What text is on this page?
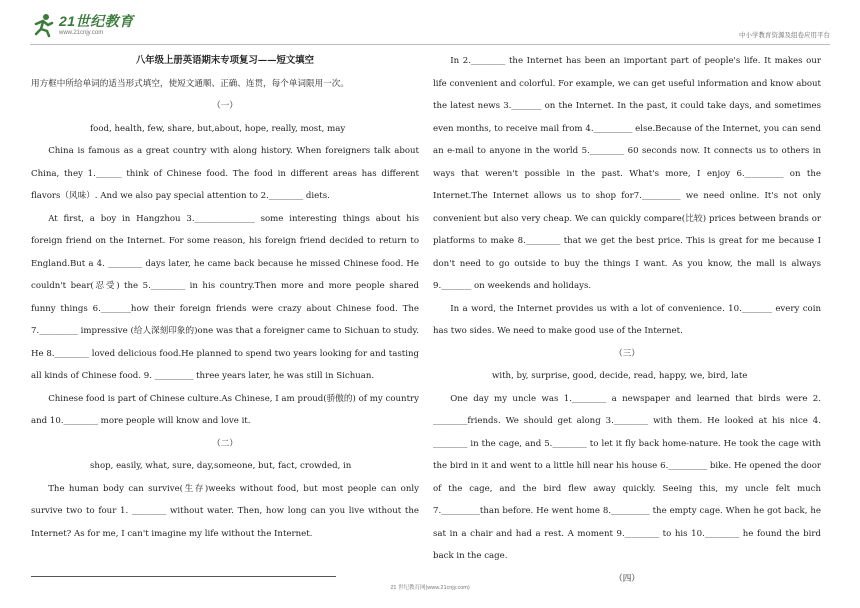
21世纪教育
www.21cnjy.com	中小学教育资源及组卷应用平台

八年级上册英语期末专项复习——短文填空

用方框中所给单词的适当形式填空，使短文通顺、正确、连贯，每个单词限用一次。

（一）

food, health, few, share, but,about, hope, really, most, may

China is famous as a great country with along history. When foreigners talk about China, they 1.______ think of Chinese food. The food in different areas has different flavors（风味）. And we also pay special attention to 2.________ diets.

At first, a boy in Hangzhou 3.______________ some interesting things about his foreign friend on the Internet. For some reason, his foreign friend decided to return to England.But a 4. ________ days later, he came back because he missed Chinese food. He couldn't bear(忍受) the 5.________ in his country.Then more and more people shared funny things 6._______how their foreign friends were crazy about Chinese food. The 7._________ impressive (给人深刻印象的)one was that a foreigner came to Sichuan to study. He 8.________ loved delicious food.He planned to spend two years looking for and tasting all kinds of Chinese food. 9. _________ three years later, he was still in Sichuan.

Chinese food is part of Chinese culture.As Chinese, I am proud(骄傲的) of my country and 10.________ more people will know and love it.

（二）

shop, easily, what, sure, day,someone, but, fact, crowded, in

The human body can survive(生存)weeks without food, but most people can only survive two to four 1. ________ without water. Then, how long can you live without the Internet? As for me, I can't imagine my life without the Internet.

In 2.________ the Internet has been an important part of people's life. It makes our life convenient and colorful. For example, we can get useful information and know about the latest news 3._______ on the Internet. In the past, it could take days, and sometimes even months, to receive mail from 4._________ else.Because of the Internet, you can send an e-mail to anyone in the world 5.________ 60 seconds now. It connects us to others in ways that weren't possible in the past. What's more, I enjoy 6._________ on the Internet.The Internet allows us to shop for7._________ we need online. It's not only convenient but also very cheap. We can quickly compare(比较) prices between brands or platforms to make 8.________ that we get the best price. This is great for me because I don't need to go outside to buy the things I want. As you know, the mall is always 9._______ on weekends and holidays.

In a word, the Internet provides us with a lot of convenience. 10._______ every coin has two sides. We need to make good use of the Internet.

（三）

with, by, surprise, good, decide, read, happy, we, bird, late

One day my uncle was 1.________ a newspaper and learned that birds were 2. ________friends. We should get along 3.________ with them. He looked at his nice 4. ________ in the cage, and 5.________ to let it fly back home-nature. He took the cage with the bird in it and went to a little hill near his house 6._________ bike. He opened the door of the cage, and the bird flew away quickly. Seeing this, my uncle felt much 7._________than before. He went home 8._________ the empty cage. When he got back, he sat in a chair and had a rest. A moment 9.________ to his 10.________ he found the bird back in the cage.

（四）

21 世纪教育网(www.21cnjy.com)
